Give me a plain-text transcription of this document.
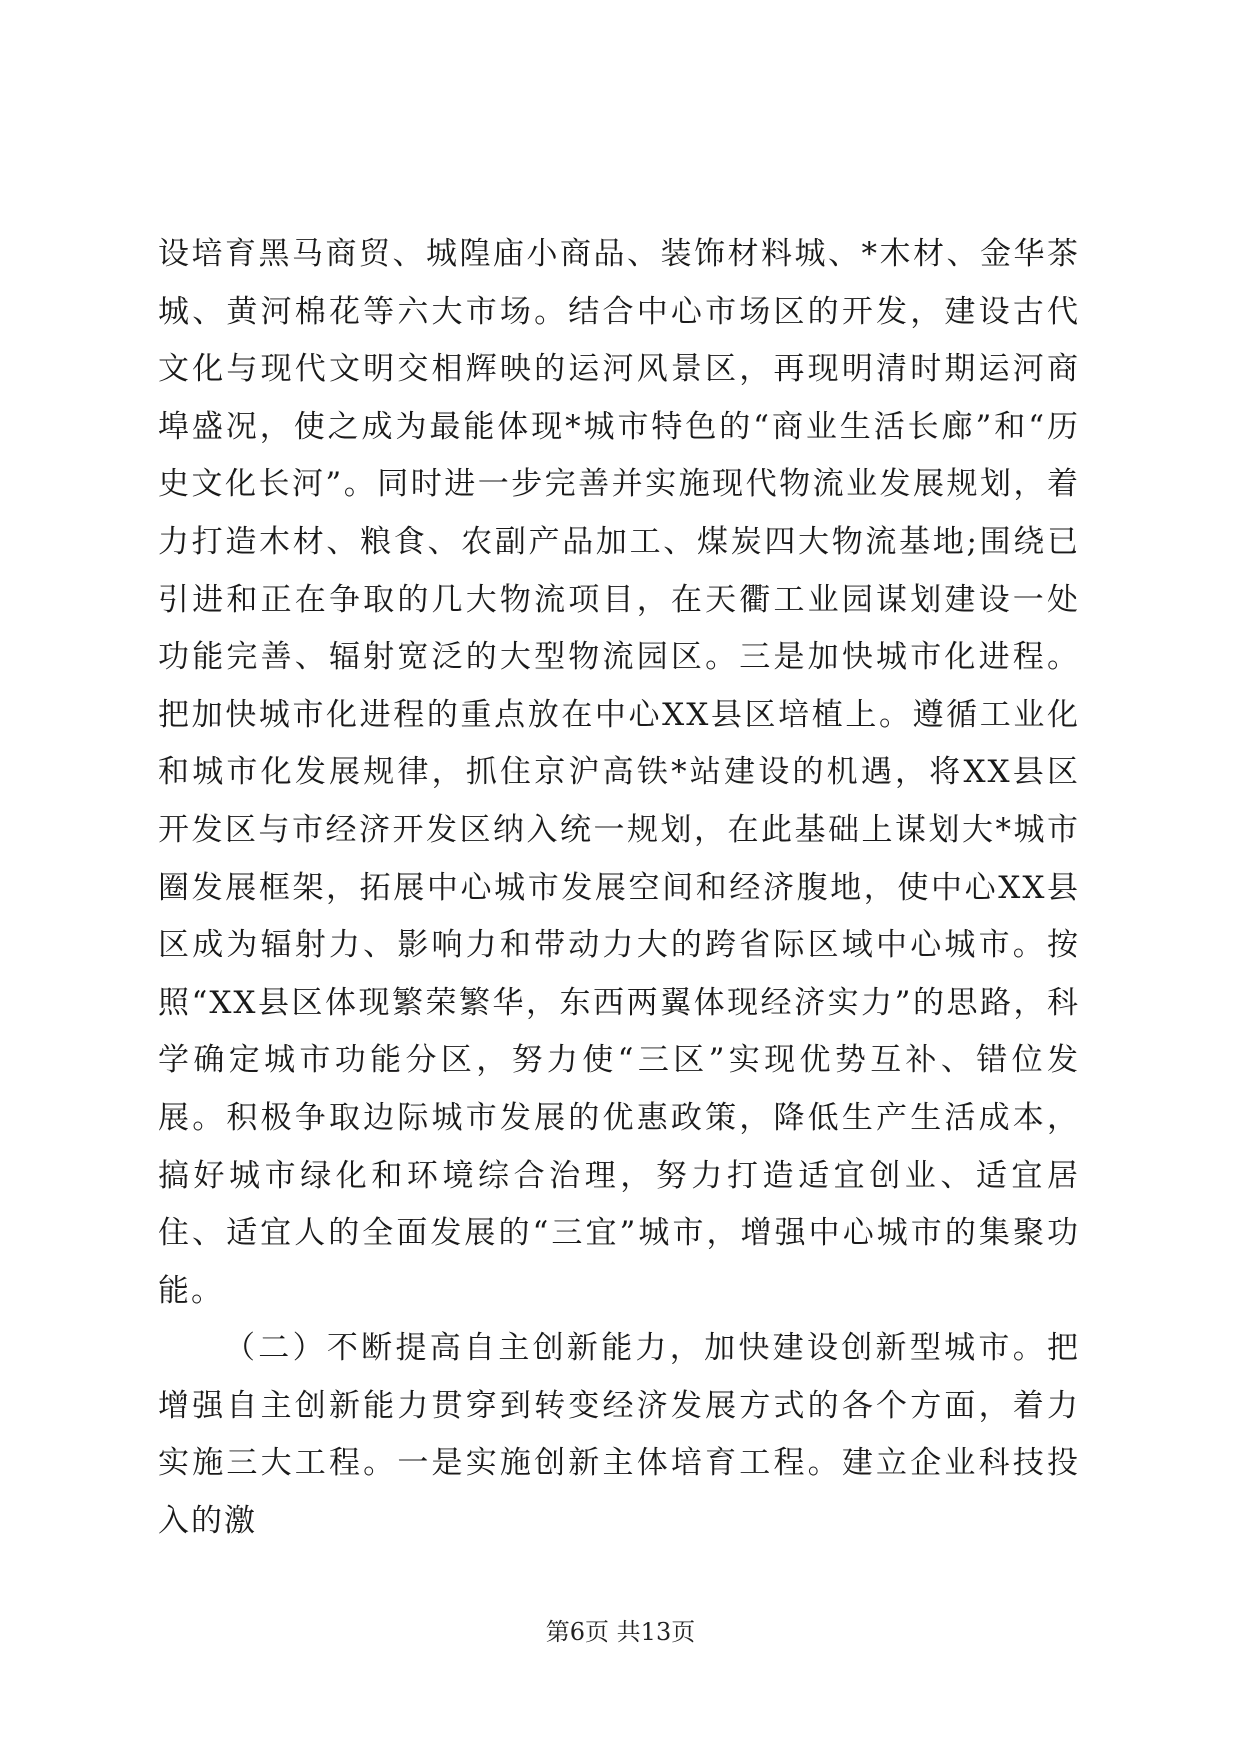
设培育黑马商贸、城隍庙小商品、装饰材料城、*木材、金华茶城、黄河棉花等六大市场。结合中心市场区的开发，建设古代文化与现代文明交相辉映的运河风景区，再现明清时期运河商埠盛况，使之成为最能体现*城市特色的“商业生活长廊”和“历史文化长河”。同时进一步完善并实施现代物流业发展规划，着力打造木材、粮食、农副产品加工、煤炭四大物流基地;围绕已引进和正在争取的几大物流项目，在天衢工业园谋划建设一处功能完善、辐射宽泛的大型物流园区。三是加快城市化进程。把加快城市化进程的重点放在中心XX县区培植上。遵循工业化和城市化发展规律，抓住京沪高铁*站建设的机遇，将XX县区开发区与市经济开发区纳入统一规划，在此基础上谋划大*城市圈发展框架，拓展中心城市发展空间和经济腹地，使中心XX县区成为辐射力、影响力和带动力大的跨省际区域中心城市。按照“XX县区体现繁荣繁华，东西两翼体现经济实力”的思路，科学确定城市功能分区，努力使“三区”实现优势互补、错位发展。积极争取边际城市发展的优惠政策，降低生产生活成本，搞好城市绿化和环境综合治理，努力打造适宜创业、适宜居住、适宜人的全面发展的“三宜”城市，增强中心城市的集聚功能。

（二）不断提高自主创新能力，加快建设创新型城市。把增强自主创新能力贯穿到转变经济发展方式的各个方面，着力实施三大工程。一是实施创新主体培育工程。建立企业科技投入的激

第6页 共13页
